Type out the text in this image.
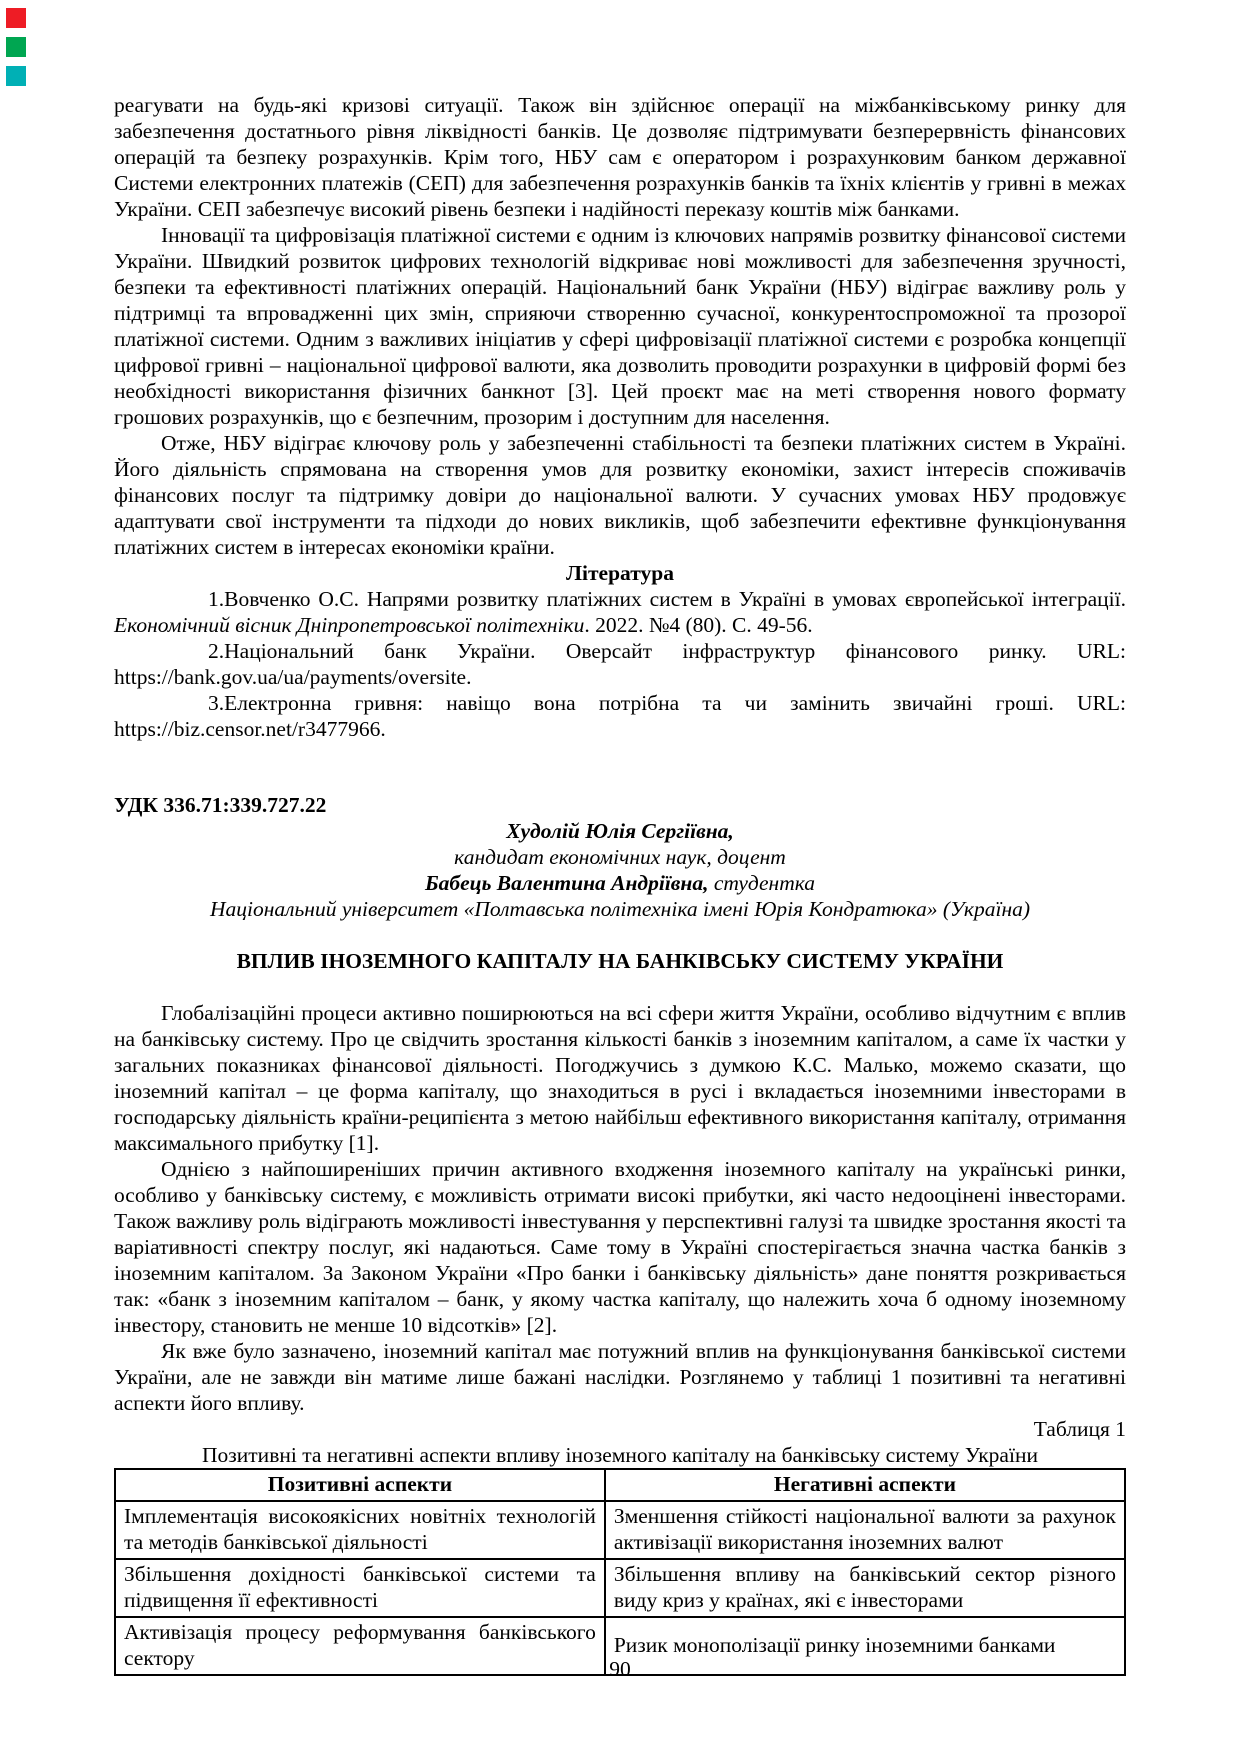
реагувати на будь-які кризові ситуації. Також він здійснює операції на міжбанківському ринку для забезпечення достатнього рівня ліквідності банків. Це дозволяє підтримувати безперервність фінансових операцій та безпеку розрахунків. Крім того, НБУ сам є оператором і розрахунковим банком державної Системи електронних платежів (СЕП) для забезпечення розрахунків банків та їхніх клієнтів у гривні в межах України. СЕП забезпечує високий рівень безпеки і надійності переказу коштів між банками.

Інновації та цифровізація платіжної системи є одним із ключових напрямів розвитку фінансової системи України. Швидкий розвиток цифрових технологій відкриває нові можливості для забезпечення зручності, безпеки та ефективності платіжних операцій. Національний банк України (НБУ) відіграє важливу роль у підтримці та впровадженні цих змін, сприяючи створенню сучасної, конкурентоспроможної та прозорої платіжної системи. Одним з важливих ініціатив у сфері цифровізації платіжної системи є розробка концепції цифрової гривні – національної цифрової валюти, яка дозволить проводити розрахунки в цифровій формі без необхідності використання фізичних банкнот [3]. Цей проєкт має на меті створення нового формату грошових розрахунків, що є безпечним, прозорим і доступним для населення.

Отже, НБУ відіграє ключову роль у забезпеченні стабільності та безпеки платіжних систем в Україні. Його діяльність спрямована на створення умов для розвитку економіки, захист інтересів споживачів фінансових послуг та підтримку довіри до національної валюти. У сучасних умовах НБУ продовжує адаптувати свої інструменти та підходи до нових викликів, щоб забезпечити ефективне функціонування платіжних систем в інтересах економіки країни.

Література

1.Вовченко О.С. Напрями розвитку платіжних систем в Україні в умовах європейської інтеграції. Економічний вісник Дніпропетровської політехніки. 2022. №4 (80). С. 49-56.

2.Національний банк України. Оверсайт інфраструктур фінансового ринку. URL: https://bank.gov.ua/ua/payments/oversite.

3.Електронна гривня: навіщо вона потрібна та чи замінить звичайні гроші. URL: https://biz.censor.net/r3477966.

УДК 336.71:339.727.22

Худолій Юлія Сергіївна,

кандидат економічних наук, доцент

Бабець Валентина Андріївна, студентка

Національний університет «Полтавська політехніка імені Юрія Кондратюка» (Україна)

ВПЛИВ ІНОЗЕМНОГО КАПІТАЛУ НА БАНКІВСЬКУ СИСТЕМУ УКРАЇНИ

Глобалізаційні процеси активно поширюються на всі сфери життя України, особливо відчутним є вплив на банківську систему. Про це свідчить зростання кількості банків з іноземним капіталом, а саме їх частки у загальних показниках фінансової діяльності. Погоджучись з думкою К.С. Малько, можемо сказати, що іноземний капітал – це форма капіталу, що знаходиться в русі і вкладається іноземними інвесторами в господарську діяльність країни-реципієнта з метою найбільш ефективного використання капіталу, отримання максимального прибутку [1].

Однією з найпоширеніших причин активного входження іноземного капіталу на українські ринки, особливо у банківську систему, є можливість отримати високі прибутки, які часто недооцінені інвесторами. Також важливу роль відіграють можливості інвестування у перспективні галузі та швидке зростання якості та варіативності спектру послуг, які надаються. Саме тому в Україні спостерігається значна частка банків з іноземним капіталом. За Законом України «Про банки і банківську діяльність» дане поняття розкривається так: «банк з іноземним капіталом – банк, у якому частка капіталу, що належить хоча б одному іноземному інвестору, становить не менше 10 відсотків» [2].

Як вже було зазначено, іноземний капітал має потужний вплив на функціонування банківської системи України, але не завжди він матиме лише бажані наслідки. Розглянемо у таблиці 1 позитивні та негативні аспекти його впливу.

Таблиця 1

Позитивні та негативні аспекти впливу іноземного капіталу на банківську систему України

Позитивні аспекти	Негативні аспекти
Імплементація високоякісних новітніх технологій та методів банківської діяльності	Зменшення стійкості національної валюти за рахунок активізації використання іноземних валют
Збільшення дохідності банківської системи та підвищення її ефективності	Збільшення впливу на банківський сектор різного виду криз у країнах, які є інвесторами
Активізація процесу реформування банківського сектору	Ризик монополізації ринку іноземними банками
90
